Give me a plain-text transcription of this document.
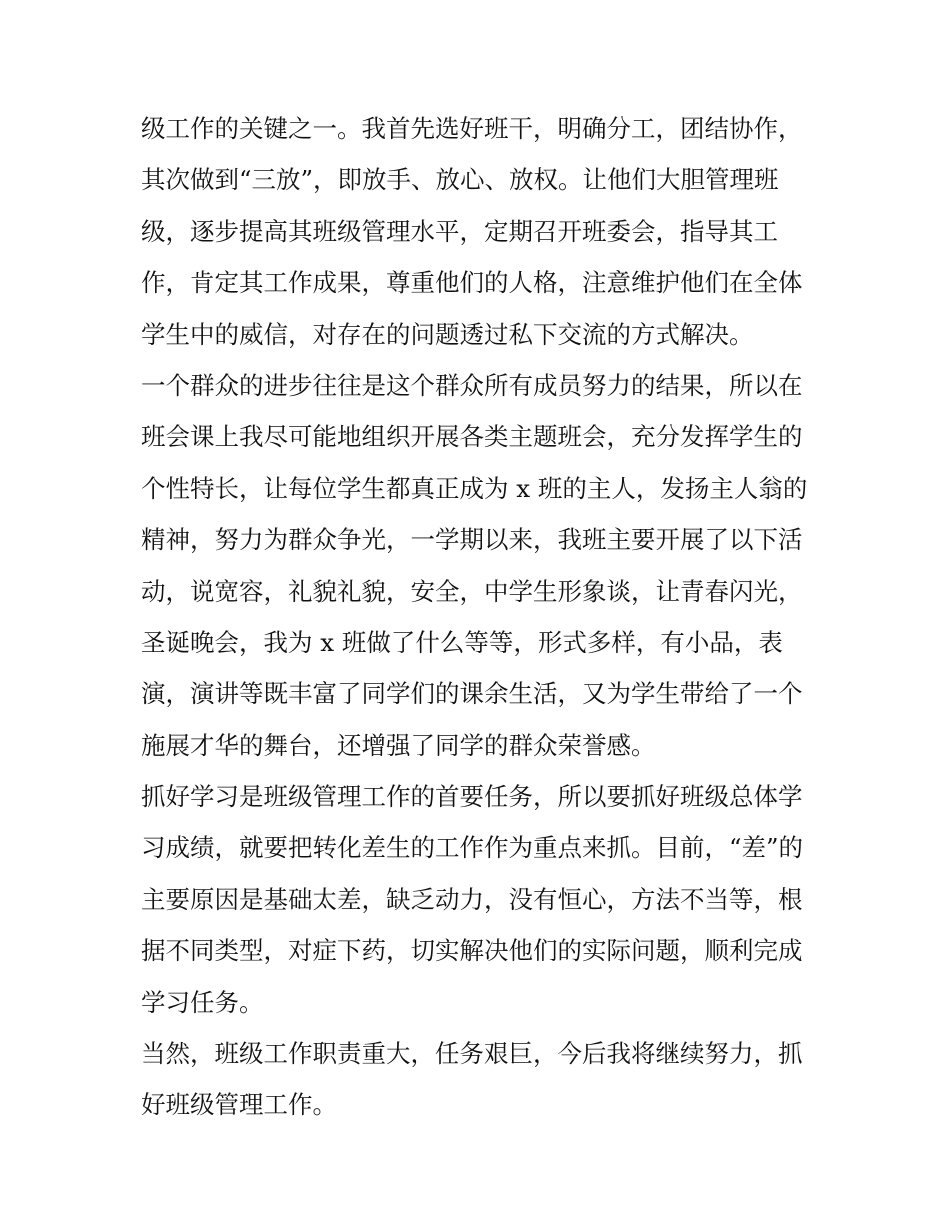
级工作的关键之一。我首先选好班干，明确分工，团结协作，
其次做到“三放”，即放手、放心、放权。让他们大胆管理班
级，逐步提高其班级管理水平，定期召开班委会，指导其工
作，肯定其工作成果，尊重他们的人格，注意维护他们在全体
学生中的威信，对存在的问题透过私下交流的方式解决。
一个群众的进步往往是这个群众所有成员努力的结果，所以在
班会课上我尽可能地组织开展各类主题班会，充分发挥学生的
个性特长，让每位学生都真正成为 x 班的主人，发扬主人翁的
精神，努力为群众争光，一学期以来，我班主要开展了以下活
动，说宽容，礼貌礼貌，安全，中学生形象谈，让青春闪光，
圣诞晚会，我为 x 班做了什么等等，形式多样，有小品，表
演，演讲等既丰富了同学们的课余生活，又为学生带给了一个
施展才华的舞台，还增强了同学的群众荣誉感。
抓好学习是班级管理工作的首要任务，所以要抓好班级总体学
习成绩，就要把转化差生的工作作为重点来抓。目前，“差”的
主要原因是基础太差，缺乏动力，没有恒心，方法不当等，根
据不同类型，对症下药，切实解决他们的实际问题，顺利完成
学习任务。
当然，班级工作职责重大，任务艰巨，今后我将继续努力，抓
好班级管理工作。
